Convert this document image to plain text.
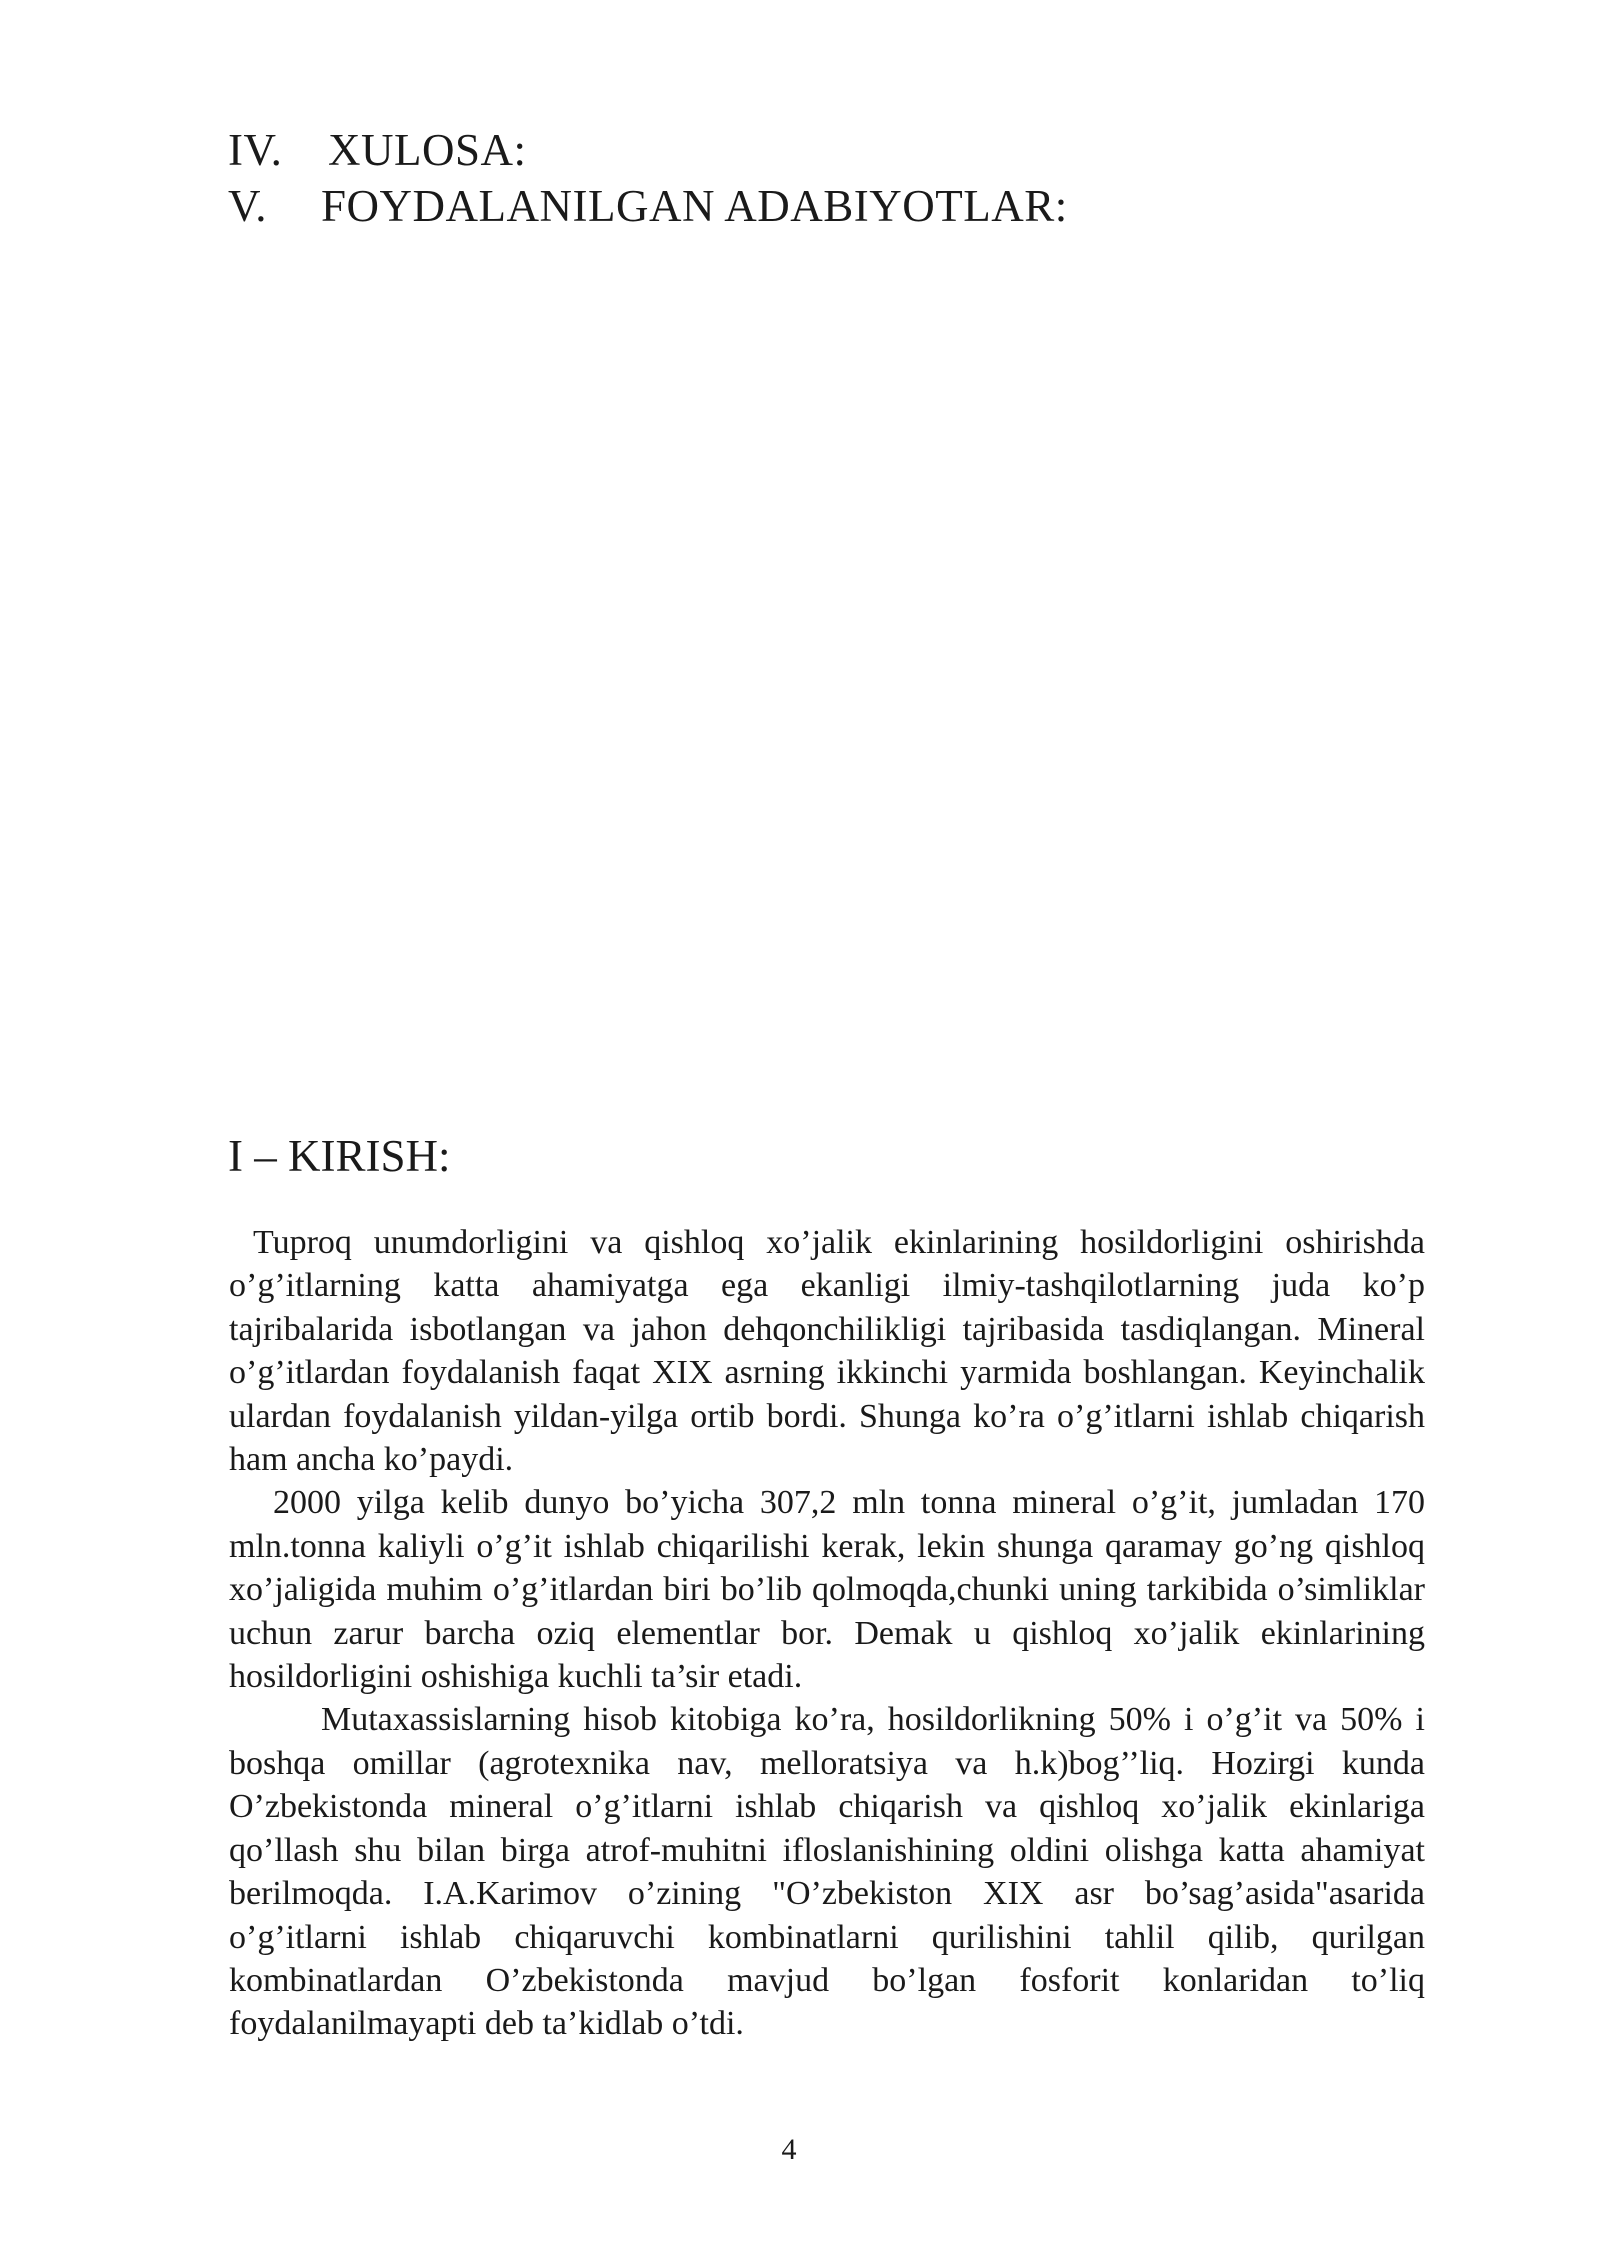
IV. XULOSA:
V. FOYDALANILGAN ADABIYOTLAR:
I – KIRISH:

Tuproq unumdorligini va qishloq xo’jalik ekinlarining hosildorligini oshirishda o’g’itlarning katta ahamiyatga ega ekanligi ilmiy-tashqilotlarning juda ko’p tajribalarida isbotlangan va jahon dehqonchilikligi tajribasida tasdiqlangan. Mineral o’g’itlardan foydalanish faqat XIX asrning ikkinchi yarmida boshlangan. Keyinchalik ulardan foydalanish yildan-yilga ortib bordi. Shunga ko’ra o’g’itlarni ishlab chiqarish ham ancha ko’paydi.

2000 yilga kelib dunyo bo’yicha 307,2 mln tonna mineral o’g’it, jumladan 170 mln.tonna kaliyli o’g’it ishlab chiqarilishi kerak, lekin shunga qaramay go’ng qishloq xo’jaligida muhim o’g’itlardan biri bo’lib qolmoqda,chunki uning tarkibida o’simliklar uchun zarur barcha oziq elementlar bor. Demak u qishloq xo’jalik ekinlarining hosildorligini oshishiga kuchli ta’sir etadi.

Mutaxassislarning hisob kitobiga ko’ra, hosildorlikning 50% i o’g’it va 50% i boshqa omillar (agrotexnika nav, melloratsiya va h.k)bog’’liq. Hozirgi kunda O’zbekistonda mineral o’g’itlarni ishlab chiqarish va qishloq xo’jalik ekinlariga qo’llash shu bilan birga atrof-muhitni ifloslanishining oldini olishga katta ahamiyat berilmoqda. I.A.Karimov o’zining "O’zbekiston XIX asr bo’sag’asida"asarida o’g’itlarni ishlab chiqaruvchi kombinatlarni qurilishini tahlil qilib, qurilgan kombinatlardan O’zbekistonda mavjud bo’lgan fosforit konlaridan to’liq foydalanilmayapti deb ta’kidlab o’tdi.

4
